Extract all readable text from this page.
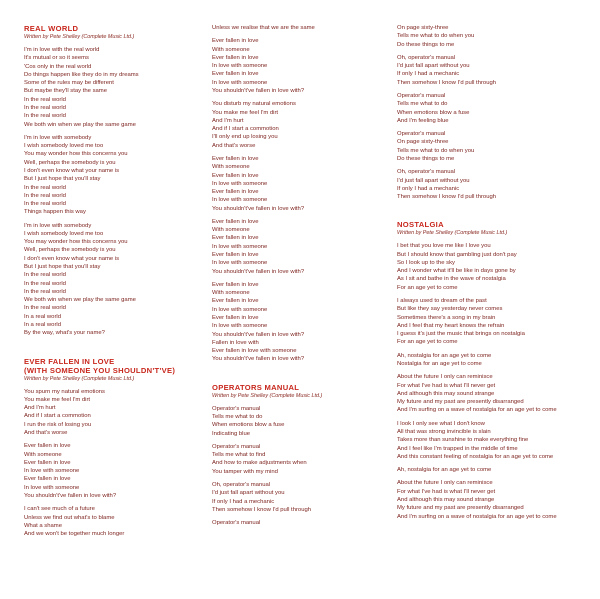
REAL WORLD
Written by Pete Shelley (Complete Music Ltd.)
I'm in love with the real world
It's mutual or so it seems
'Cos only in the real world
Do things happen like they do in my dreams
Some of the rules may be different
But maybe they'll stay the same
In the real world
In the real world
In the real world
We both win when we play the same game
I'm in love with somebody
I wish somebody loved me too
You may wonder how this concerns you
Well, perhaps the somebody is you
I don't even know what your name is
But I just hope that you'll stay
In the real world
In the real world
In the real world
Things happen this way
I'm in love with somebody
I wish somebody loved me too
You may wonder how this concerns you
Well, perhaps the somebody is you
I don't even know what your name is
But I just hope that you'll stay
In the real world
In the real world
In the real world
We both win when we play the same game
In the real world
In a real world
In a real world
By the way, what's your name?
EVER FALLEN IN LOVE
(WITH SOMEONE YOU SHOULDN'T'VE)
Written by Pete Shelley (Complete Music Ltd.)
You spurn my natural emotions
You make me feel I'm dirt
And I'm hurt
And if I start a commotion
I run the risk of losing you
And that's worse
Ever fallen in love
With someone
Ever fallen in love
In love with someone
Ever fallen in love
In love with someone
You shouldn't've fallen in love with?
I can't see much of a future
Unless we find out what's to blame
What a shame
And we won't be together much longer
Unless we realise that we are the same
Ever fallen in love
With someone
Ever fallen in love
In love with someone
Ever fallen in love
In love with someone
You shouldn't've fallen in love with?
You disturb my natural emotions
You make me feel I'm dirt
And I'm hurt
And if I start a commotion
I'll only end up losing you
And that's worse
Ever fallen in love
With someone
Ever fallen in love
In love with someone
Ever fallen in love
In love with someone
You shouldn't've fallen in love with?
Ever fallen in love
With someone
Ever fallen in love
In love with someone
Ever fallen in love
In love with someone
You shouldn't've fallen in love with?
Ever fallen in love
With someone
Ever fallen in love
In love with someone
Ever fallen in love
In love with someone
You shouldn't've fallen in love with?
Fallen in love with
Ever fallen in love with someone
You shouldn't've fallen in love with?
OPERATORS MANUAL
Written by Pete Shelley (Complete Music Ltd.)
Operator's manual
Tells me what to do
When emotions blow a fuse
Indicating blue
Operator's manual
Tells me what to find
And how to make adjustments when
You tamper with my mind
Oh, operator's manual
I'd just fall apart without you
If only I had a mechanic
Then somehow I know I'd pull through
Operator's manual
On page sixty-three
Tells me what to do when you
Do these things to me
Oh, operator's manual
I'd just fall apart without you
If only I had a mechanic
Then somehow I know I'd pull through
Operator's manual
Tells me what to do
When emotions blow a fuse
And I'm feeling blue
Operator's manual
On page sixty-three
Tells me what to do when you
Do these things to me
Oh, operator's manual
I'd just fall apart without you
If only I had a mechanic
Then somehow I know I'd pull through
NOSTALGIA
Written by Pete Shelley (Complete Music Ltd.)
I bet that you love me like I love you
But I should know that gambling just don't pay
So I look up to the sky
And I wonder what it'll be like in days gone by
As I sit and bathe in the wave of nostalgia
For an age yet to come
I always used to dream of the past
But like they say yesterday never comes
Sometimes there's a song in my brain
And I feel that my heart knows the refrain
I guess it's just the music that brings on nostalgia
For an age yet to come
Ah, nostalgia for an age yet to come
Nostalgia for an age yet to come
About the future I only can reminisce
For what I've had is what I'll never get
And although this may sound strange
My future and my past are presently disarranged
And I'm surfing on a wave of nostalgia for an age yet to come
I look I only see what I don't know
All that was strong invincible is slain
Takes more than sunshine to make everything fine
And I feel like I'm trapped in the middle of time
And this constant feeling of nostalgia for an age yet to come
Ah, nostalgia for an age yet to come
About the future I only can reminisce
For what I've had is what I'll never get
And although this may sound strange
My future and my past are presently disarranged
And I'm surfing on a wave of nostalgia for an age yet to come
